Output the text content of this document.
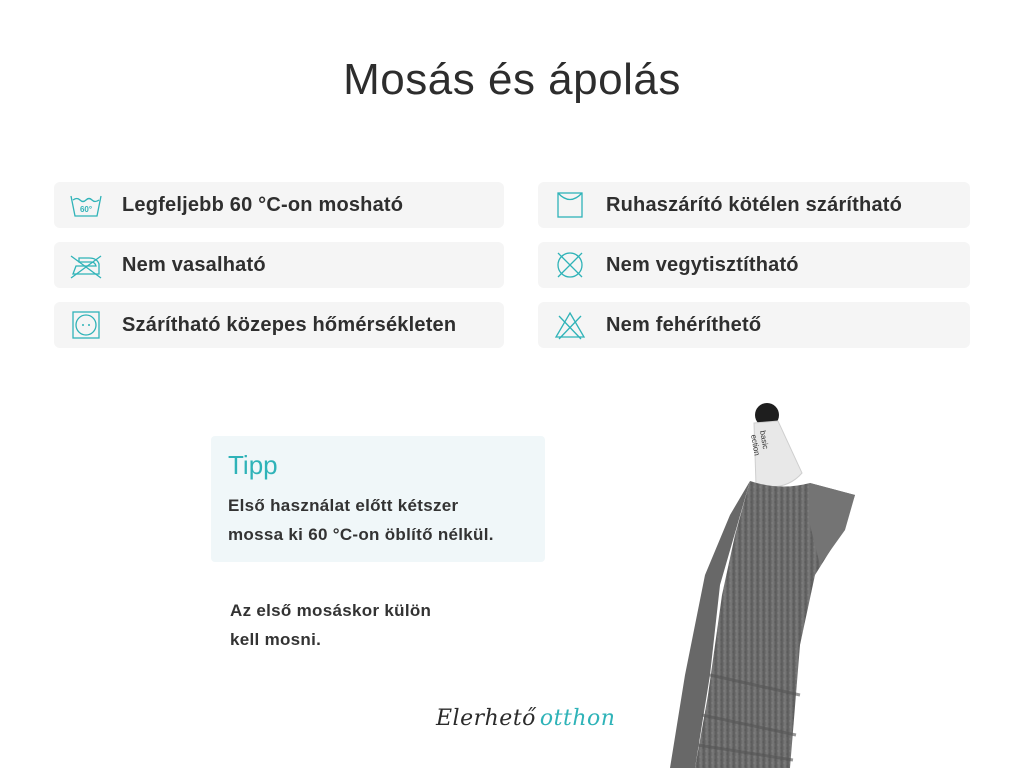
Mosás és ápolás
60° Legfeljebb 60 °C-on mosható	Ruhaszárító kötélen szárítható
Nem vasalható	Nem vegytisztítható
Szárítható közepes hőmérsékleten	Nem fehéríthető
Tipp
Első használat előtt kétszer
mossa ki 60 °C-on öblítő nélkül.
Az első mosáskor külön
kell mosni.
Elerhető otthon
basic
ection
